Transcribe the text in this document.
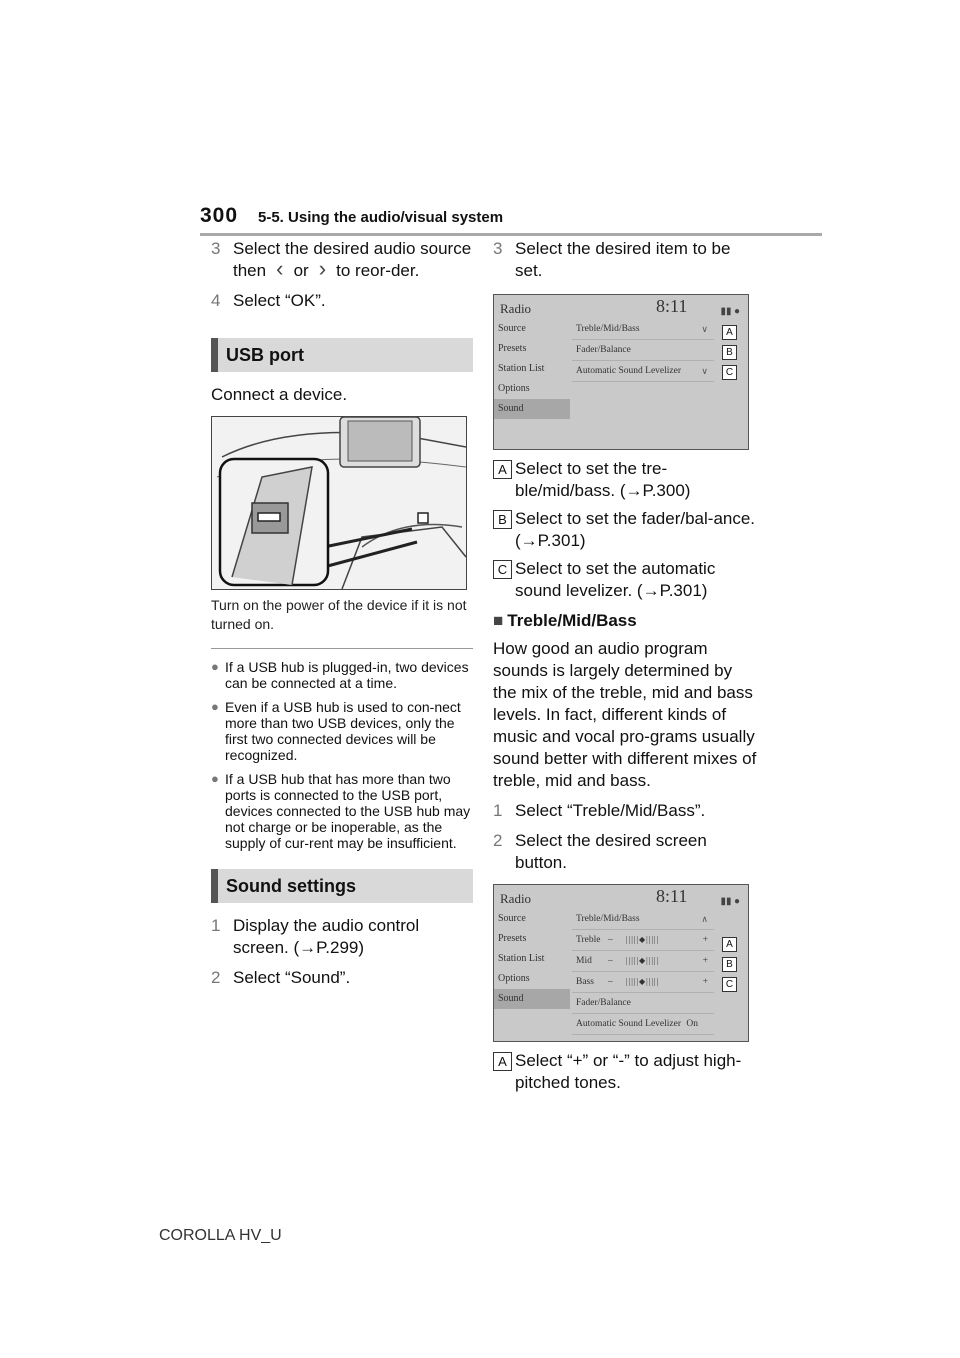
300 5-5. Using the audio/visual system
3 Select the desired audio source then ‹ or › to reor-der.
4 Select “OK”.
USB port
Connect a device.
Turn on the power of the device if it is not turned on.
● If a USB hub is plugged-in, two devices can be connected at a time.
● Even if a USB hub is used to con-nect more than two USB devices, only the first two connected devices will be recognized.
● If a USB hub that has more than two ports is connected to the USB port, devices connected to the USB hub may not charge or be inoperable, as the supply of cur-rent may be insufficient.
Sound settings
1 Display the audio control screen. (→P.299)
2 Select “Sound”.
3 Select the desired item to be set.
Radio	8:11	▮▮ ●
Source
Presets
Station List
Options
Sound
Treble/Mid/Bass	∨
Fader/Balance
Automatic Sound Levelizer ∨
A
B
C
A Select to set the tre-ble/mid/bass. (→P.300)
B Select to set the fader/bal-ance. (→P.301)
C Select to set the automatic sound levelizer. (→P.301)
■ Treble/Mid/Bass
How good an audio program sounds is largely determined by the mix of the treble, mid and bass levels. In fact, different kinds of music and vocal pro-grams usually sound better with different mixes of treble, mid and bass.
1 Select “Treble/Mid/Bass”.
2 Select the desired screen button.
Radio	8:11	▮▮ ●
Source
Presets
Station List
Options
Sound
Treble/Mid/Bass	∧
Treble – |||||◆|||||	+
Mid – |||||◆|||||	+
Bass – |||||◆|||||	+
Fader/Balance
Automatic Sound Levelizer On
A
B
C
A Select “+” or “-” to adjust high-pitched tones.
COROLLA HV_U
